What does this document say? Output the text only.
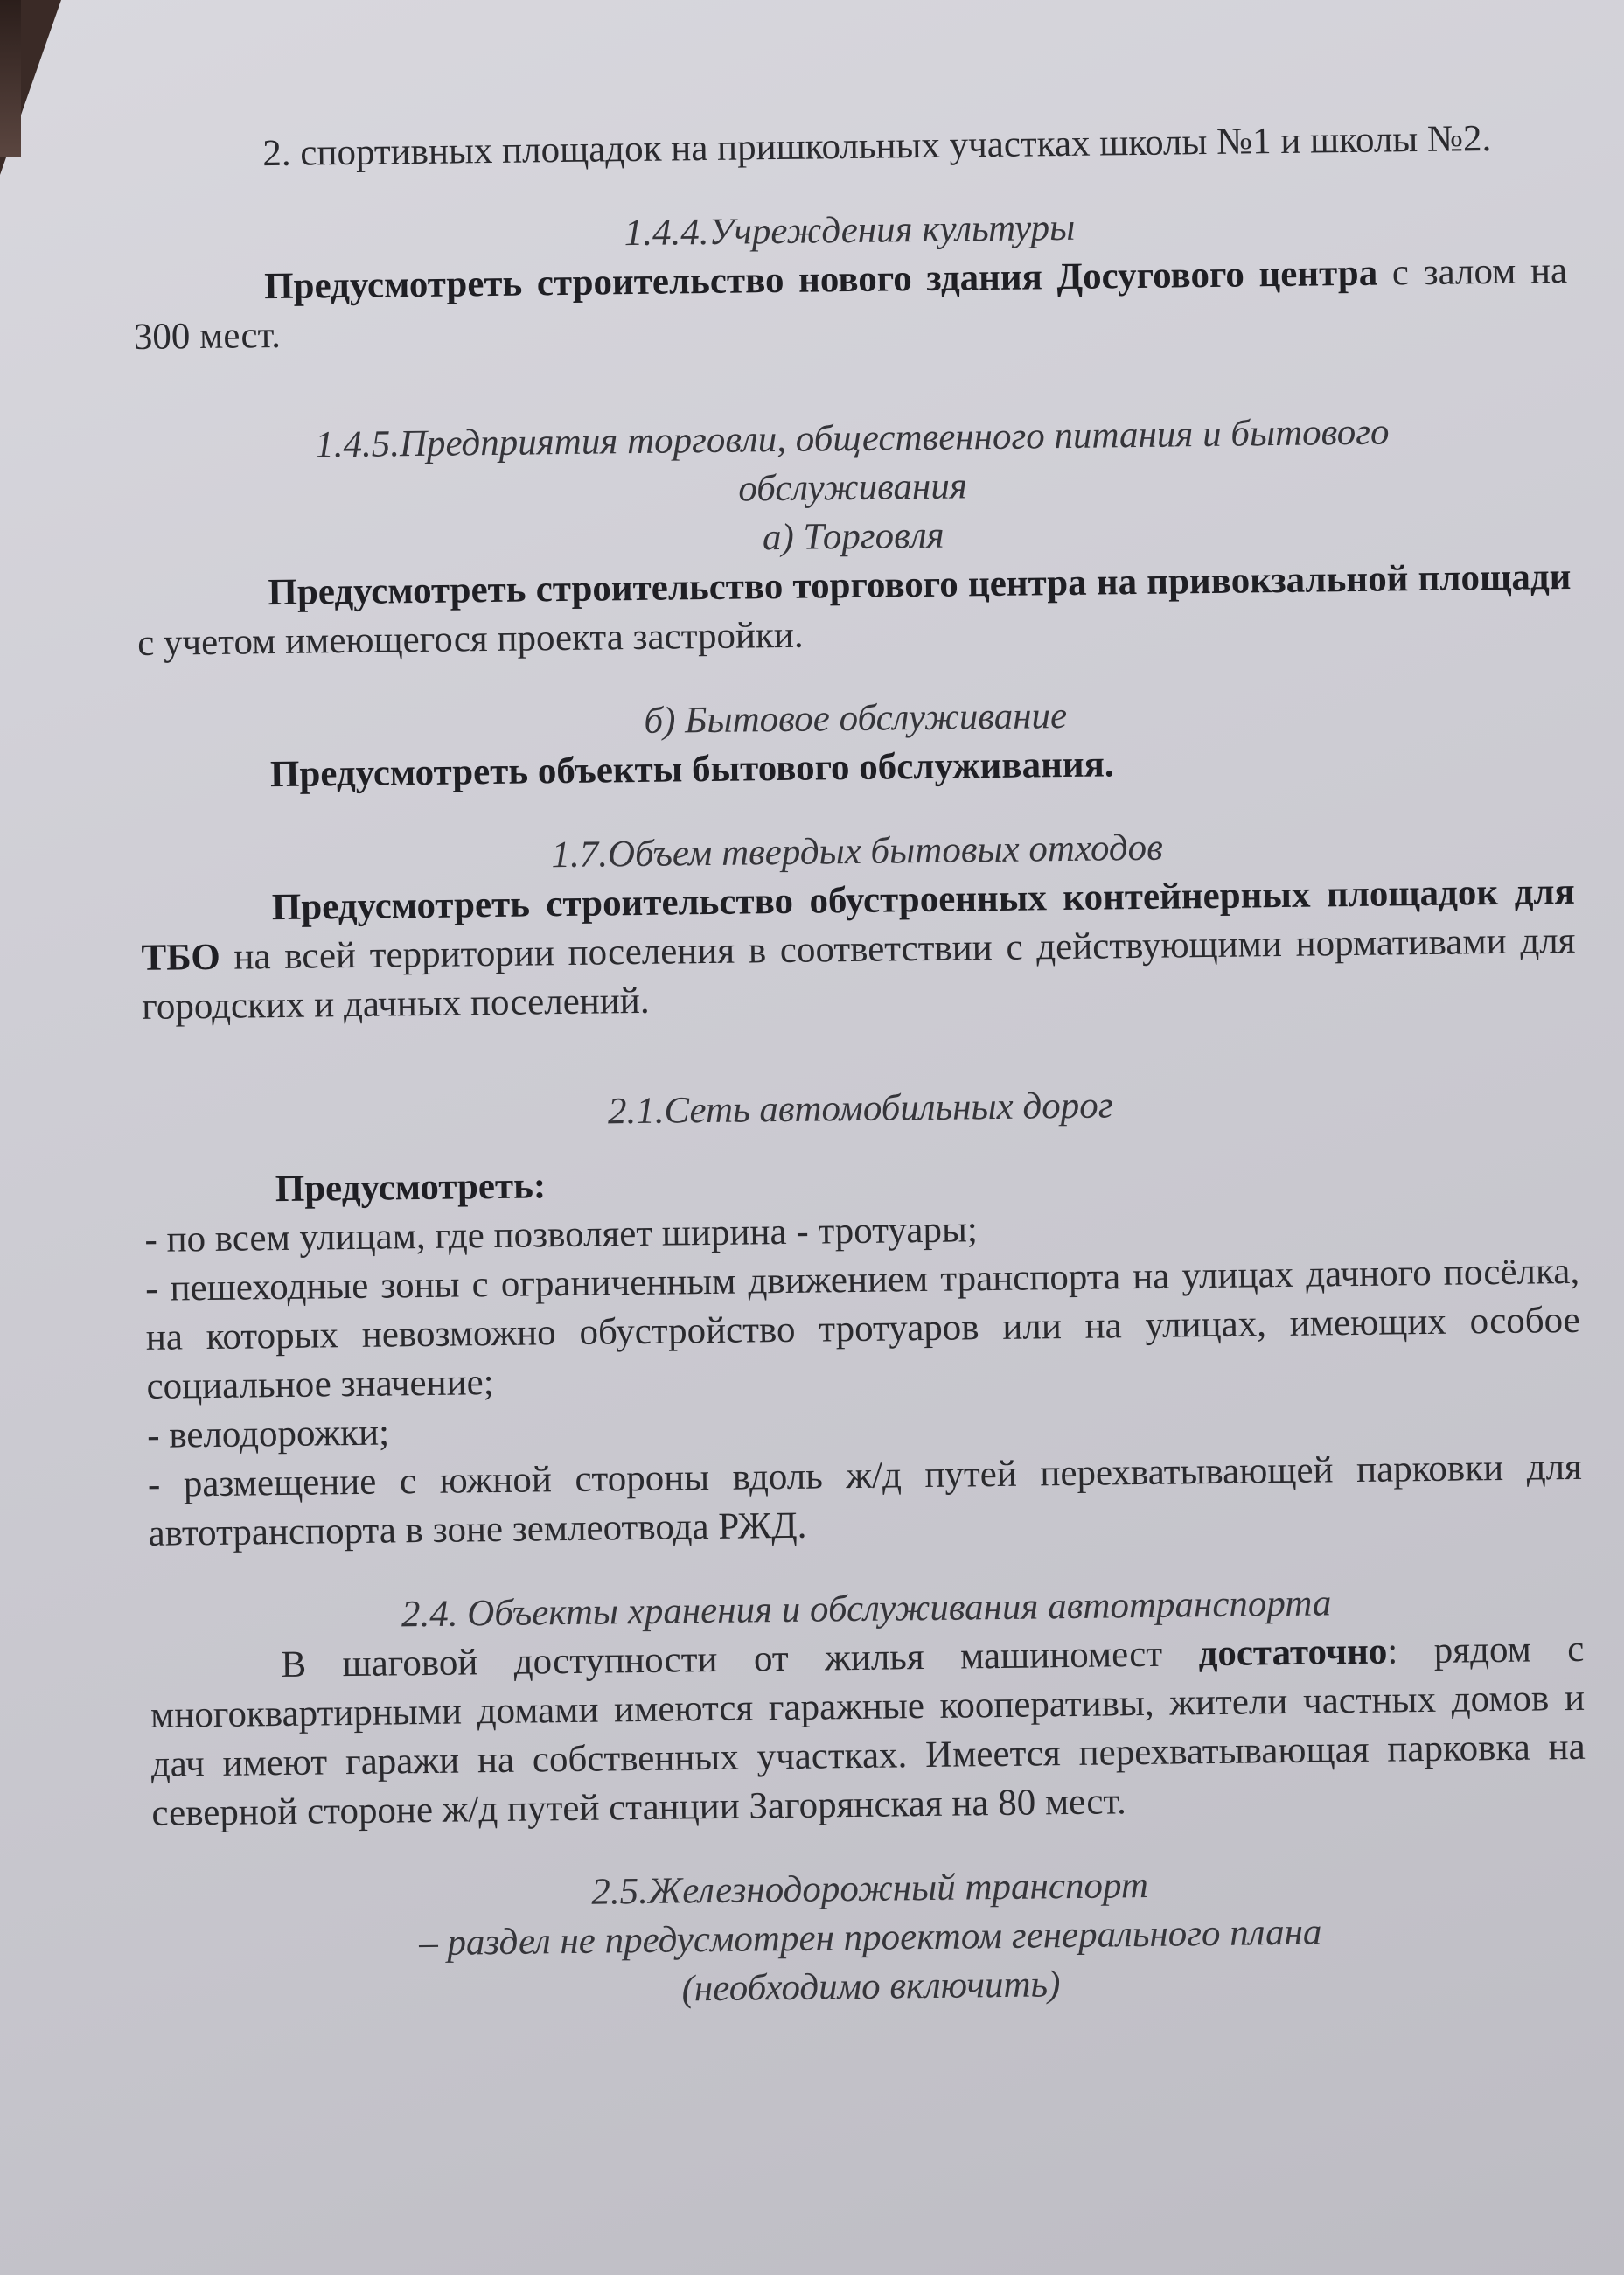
2. спортивных площадок на пришкольных участках школы №1 и школы №2.

1.4.4.Учреждения культуры

Предусмотреть строительство нового здания Досугового центра с залом на 300 мест.

1.4.5.Предприятия торговли, общественного питания и бытового

обслуживания

а) Торговля

Предусмотреть строительство торгового центра на привокзальной площади с учетом имеющегося проекта застройки.

б) Бытовое обслуживание

Предусмотреть объекты бытового обслуживания.

1.7.Объем твердых бытовых отходов

Предусмотреть строительство обустроенных контейнерных площадок для ТБО на всей территории поселения в соответствии с действующими нормативами для городских и дачных поселений.

2.1.Сеть автомобильных дорог

Предусмотреть:

- по всем улицам, где позволяет ширина - тротуары;

- пешеходные зоны с ограниченным движением транспорта на улицах дачного посёлка, на которых невозможно обустройство тротуаров или на улицах, имеющих особое социальное значение;

- велодорожки;

- размещение с южной стороны вдоль ж/д путей перехватывающей парковки для автотранспорта в зоне землеотвода РЖД.

2.4. Объекты хранения и обслуживания автотранспорта

В шаговой доступности от жилья машиномест достаточно: рядом с многоквартирными домами имеются гаражные кооперативы, жители частных домов и дач имеют гаражи на собственных участках. Имеется перехватывающая парковка на северной стороне ж/д путей станции Загорянская на 80 мест.

2.5.Железнодорожный транспорт

– раздел не предусмотрен проектом генерального плана

(необходимо включить)
